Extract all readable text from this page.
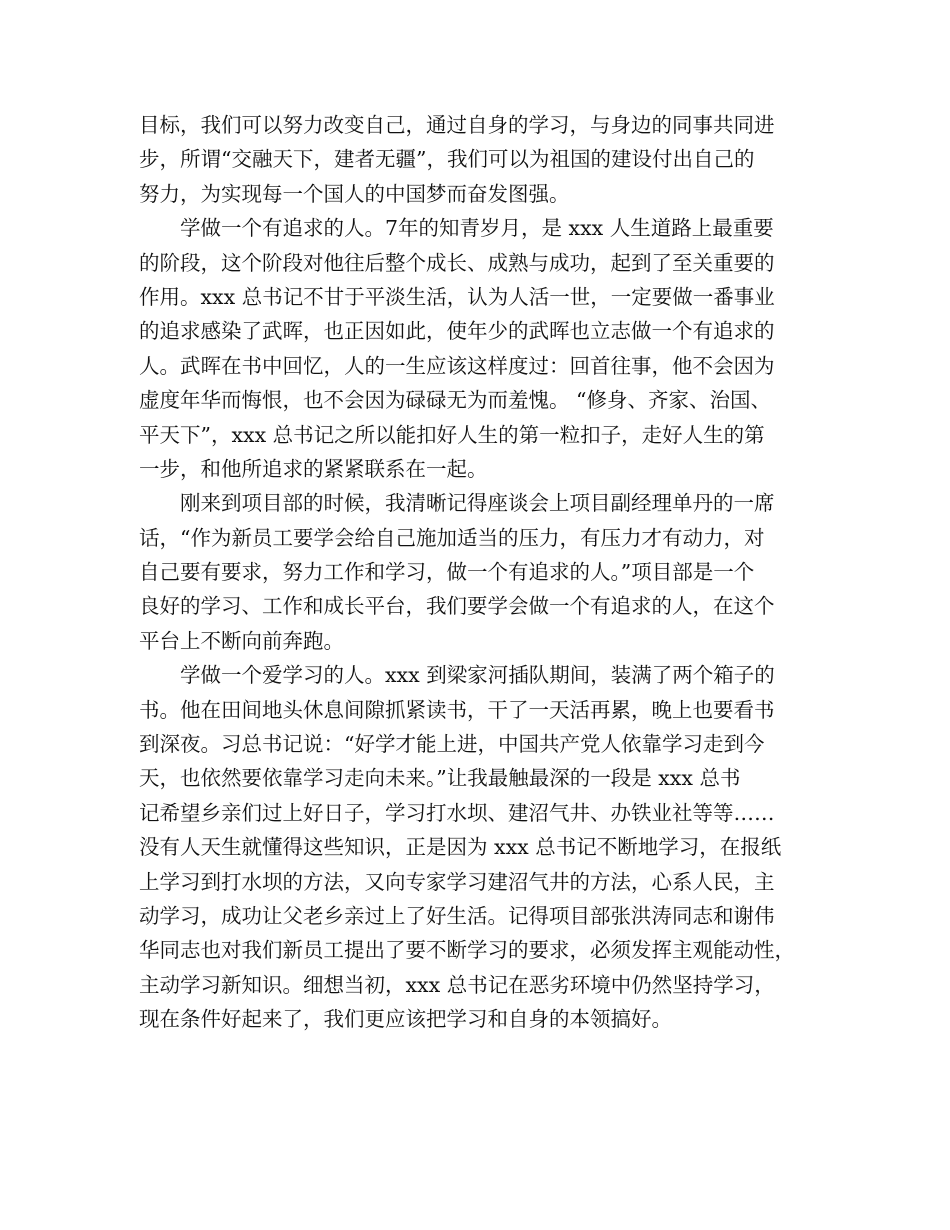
目标，我们可以努力改变自己，通过自身的学习，与身边的同事共同进
步，所谓“交融天下，建者无疆”，我们可以为祖国的建设付出自己的
努力，为实现每一个国人的中国梦而奋发图强。
学做一个有追求的人。7年的知青岁月，是 xxx 人生道路上最重要
的阶段，这个阶段对他往后整个成长、成熟与成功，起到了至关重要的
作用。xxx 总书记不甘于平淡生活，认为人活一世，一定要做一番事业
的追求感染了武晖，也正因如此，使年少的武晖也立志做一个有追求的
人。武晖在书中回忆，人的一生应该这样度过：回首往事，他不会因为
虚度年华而悔恨，也不会因为碌碌无为而羞愧。 “修身、齐家、治国、
平天下”，xxx 总书记之所以能扣好人生的第一粒扣子，走好人生的第
一步，和他所追求的紧紧联系在一起。
刚来到项目部的时候，我清晰记得座谈会上项目副经理单丹的一席
话，“作为新员工要学会给自己施加适当的压力，有压力才有动力，对
自己要有要求，努力工作和学习，做一个有追求的人。”项目部是一个
良好的学习、工作和成长平台，我们要学会做一个有追求的人，在这个
平台上不断向前奔跑。
学做一个爱学习的人。xxx 到梁家河插队期间，装满了两个箱子的
书。他在田间地头休息间隙抓紧读书，干了一天活再累，晚上也要看书
到深夜。习总书记说：“好学才能上进，中国共产党人依靠学习走到今
天，也依然要依靠学习走向未来。”让我最触最深的一段是 xxx 总书
记希望乡亲们过上好日子，学习打水坝、建沼气井、办铁业社等等……
没有人天生就懂得这些知识，正是因为 xxx 总书记不断地学习，在报纸
上学习到打水坝的方法，又向专家学习建沼气井的方法，心系人民，主
动学习，成功让父老乡亲过上了好生活。记得项目部张洪涛同志和谢伟
华同志也对我们新员工提出了要不断学习的要求，必须发挥主观能动性，
主动学习新知识。细想当初，xxx 总书记在恶劣环境中仍然坚持学习，
现在条件好起来了，我们更应该把学习和自身的本领搞好。
